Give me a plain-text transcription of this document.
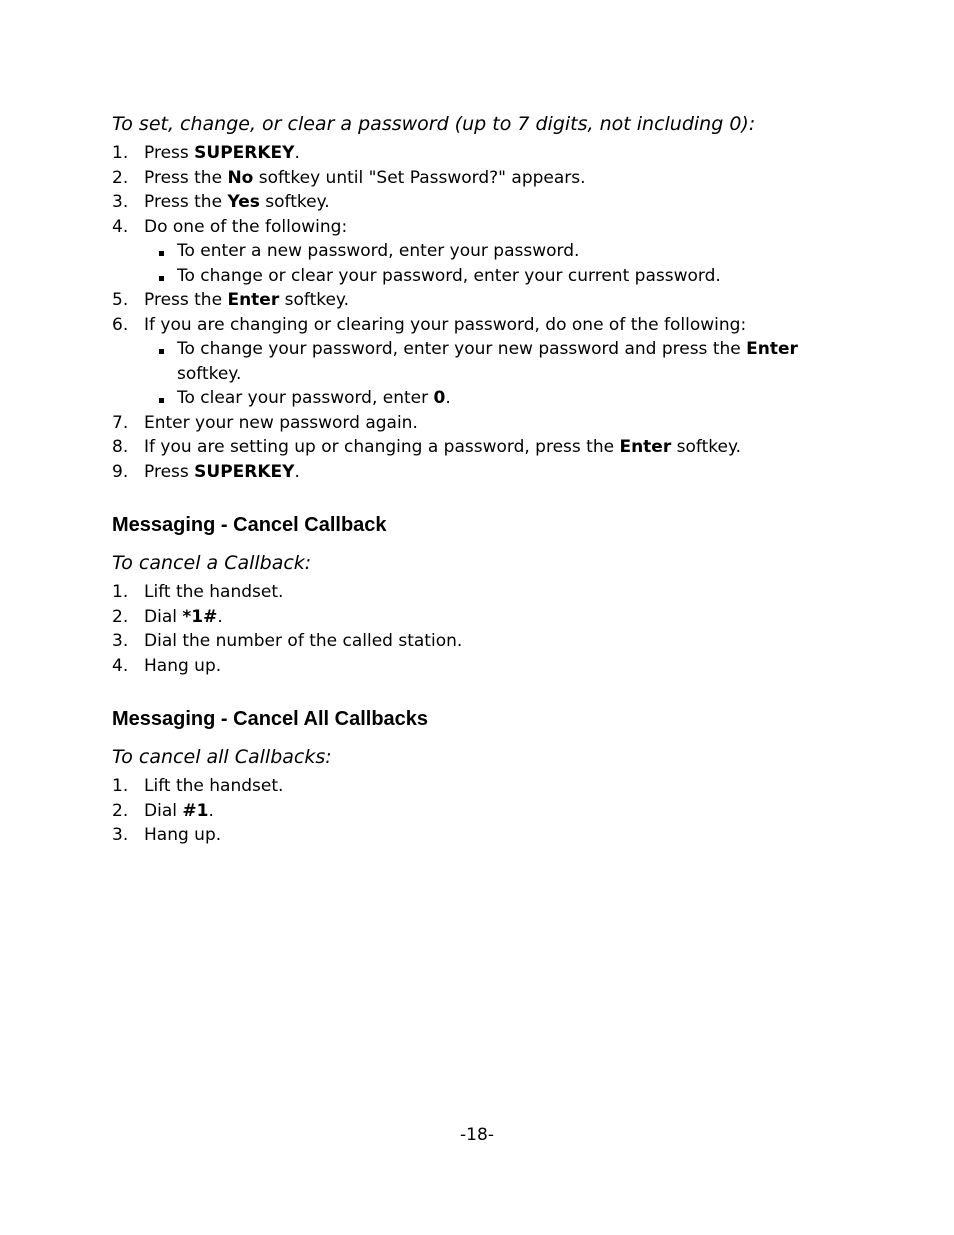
To set, change, or clear a password (up to 7 digits, not including 0):

1. Press SUPERKEY.
2. Press the No softkey until "Set Password?" appears.
3. Press the Yes softkey.
4. Do one of the following:
To enter a new password, enter your password.
To change or clear your password, enter your current password.
5. Press the Enter softkey.
6. If you are changing or clearing your password, do one of the following:
To change your password, enter your new password and press the Enter softkey.
To clear your password, enter 0.
7. Enter your new password again.
8. If you are setting up or changing a password, press the Enter softkey.
9. Press SUPERKEY.
Messaging - Cancel Callback

To cancel a Callback:

1. Lift the handset.
2. Dial *1#.
3. Dial the number of the called station.
4. Hang up.
Messaging - Cancel All Callbacks

To cancel all Callbacks:

1. Lift the handset.
2. Dial #1.
3. Hang up.
-18-
